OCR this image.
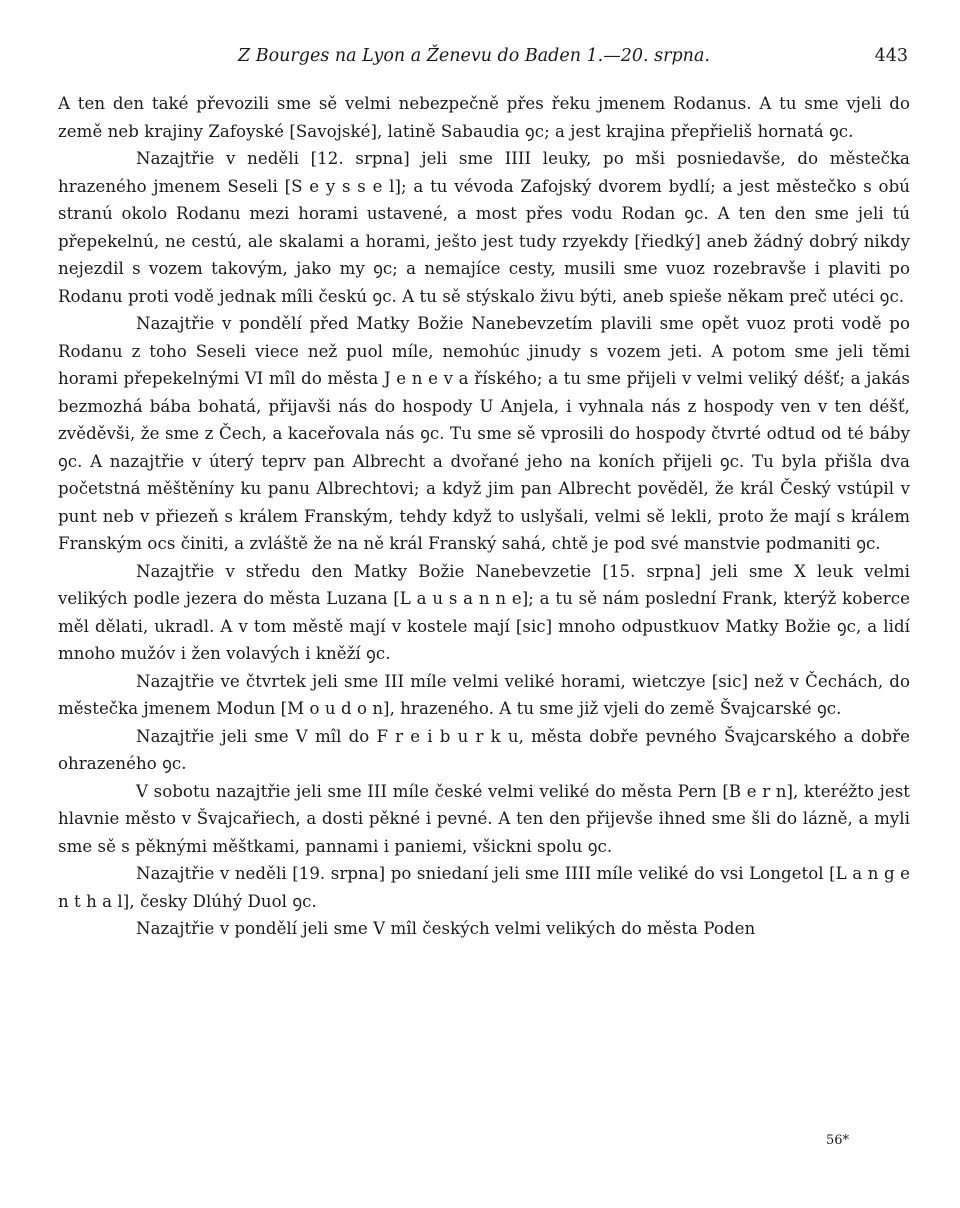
Z Bourges na Lyon a Ženevu do Baden 1.—20. srpna.	443

A ten den také převozili sme sě velmi nebezpečně přes řeku jmenem Rodanus. A tu sme vjeli do země neb krajiny Zafoyské [Savojské], latině Sabaudia ꝯc; a jest krajina přepřieliš hornatá ꝯc.

Nazajtřie v neděli [12. srpna] jeli sme IIII leuky, po mši posniedavše, do městečka hrazeného jmenem Seseli [S e y s s e l]; a tu vévoda Zafojský dvorem bydlí; a jest městečko s obú stranú okolo Rodanu mezi horami ustavené, a most přes vodu Rodan ꝯc. A ten den sme jeli tú přepekelnú, ne cestú, ale skalami a horami, ješto jest tudy rzyekdy [řiedký] aneb žádný dobrý nikdy nejezdil s vozem takovým, jako my ꝯc; a nemajíce cesty, musili sme vuoz rozebravše i plaviti po Rodanu proti vodě jednak mîli českú ꝯc. A tu sě stýskalo živu býti, aneb spieše někam preč utéci ꝯc.

Nazajtřie v pondělí před Matky Božie Nanebevzetím plavili sme opět vuoz proti vodě po Rodanu z toho Seseli viece než puol míle, nemohúc jinudy s vozem jeti. A potom sme jeli těmi horami přepekelnými VI mîl do města J e n e v a říského; a tu sme přijeli v velmi veliký déšť; a jakás bezmozhá bába bohatá, přijavši nás do hospody U Anjela, i vyhnala nás z hospody ven v ten déšť, zvěděvši, že sme z Čech, a kaceřovala nás ꝯc. Tu sme sě vprosili do hospody čtvrté odtud od té báby ꝯc. A nazajtřie v úterý teprv pan Albrecht a dvořané jeho na koních přijeli ꝯc. Tu byla přišla dva početstná měštěníny ku panu Albrechtovi; a když jim pan Albrecht pověděl, že král Český vstúpil v punt neb v přiezeň s králem Franským, tehdy když to uslyšali, velmi sě lekli, proto že mají s králem Franským ocs činiti, a zvláště že na ně král Franský sahá, chtě je pod své manstvie podmaniti ꝯc.

Nazajtřie v středu den Matky Božie Nanebevzetie [15. srpna] jeli sme X leuk velmi velikých podle jezera do města Luzana [L a u s a n n e]; a tu sě nám poslední Frank, kterýž koberce měl dělati, ukradl. A v tom městě mají v kostele mají [sic] mnoho odpustkuov Matky Božie ꝯc, a lidí mnoho mužóv i žen volavých i kněží ꝯc.

Nazajtřie ve čtvrtek jeli sme III míle velmi veliké horami, wietczye [sic] než v Čechách, do městečka jmenem Modun [M o u d o n], hrazeného. A tu sme již vjeli do země Švajcarské ꝯc.

Nazajtřie jeli sme V mîl do F r e i b u r k u, města dobře pevného Švajcarského a dobře ohrazeného ꝯc.

V sobotu nazajtřie jeli sme III míle české velmi veliké do města Pern [B e r n], kteréžto jest hlavnie město v Švajcařiech, a dosti pěkné i pevné. A ten den přijevše ihned sme šli do lázně, a myli sme sě s pěknými měštkami, pannami i paniemi, všickni spolu ꝯc.

Nazajtřie v neděli [19. srpna] po sniedaní jeli sme IIII míle veliké do vsi Longetol [L a n g e n t h a l], česky Dlúhý Duol ꝯc.

Nazajtřie v pondělí jeli sme V mîl českých velmi velikých do města Poden

56*
